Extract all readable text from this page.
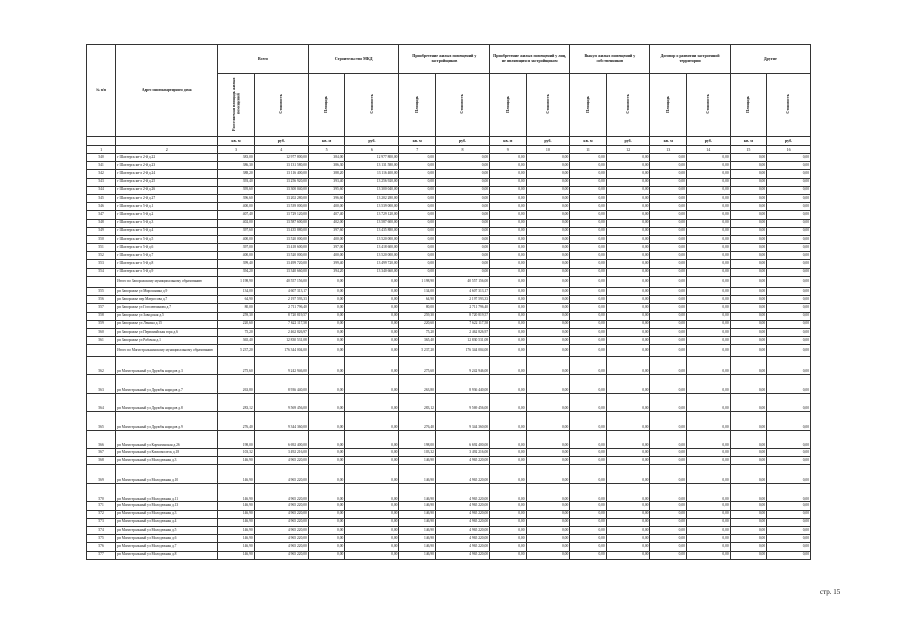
№ п/п	Адрес многоквартирного дома	Всего		Строительство МКД		Приобретение жилых помещений у застройщиков		Приобретение жилых помещений у лиц, не являющихся застройщиком		Выкуп жилых помещений у собственников		Договор о развитии застроенной территории		Другие	
		Расселяемая площадь жилых помещений	Стоимость	Площадь	Стоимость	Площадь	Стоимость	Площадь	Стоимость	Площадь	Стоимость	Площадь	Стоимость	Площадь	Стоимость
		кв. м	руб.	кв. м	руб.	кв. м	руб.	кв. м	руб.	кв. м	руб.	кв. м	руб.	кв. м	руб.
1	2	3	4	5	6	7	8	9	10	11	12	13	14	15	16
540	г Шахтерск кв-л 2-й д.22	383,00	12 977 800,00	384,00	12 977 800,00	0,00	0,00	0,00	0,00	0,00	0,00	0,00	0,00	0,00	0,00
541	г Шахтерск кв-л 2-й д.23	386,30	13 131 580,00	386,30	13 131 580,00	0,00	0,00	0,00	0,00	0,00	0,00	0,00	0,00	0,00	0,00
542	г Шахтерск кв-л 2-й д.24	388,20	13 116 400,00	388,20	13 116 400,00	0,00	0,00	0,00	0,00	0,00	0,00	0,00	0,00	0,00	0,00
543	г Шахтерск кв-л 2-й д.25	393,40	13 256 920,00	393,40	13 256 920,00	0,00	0,00	0,00	0,00	0,00	0,00	0,00	0,00	0,00	0,00
544	г Шахтерск кв-л 2-й д.26	395,60	13 300 040,00	395,60	13 300 040,00	0,00	0,00	0,00	0,00	0,00	0,00	0,00	0,00	0,00	0,00
545	г Шахтерск кв-л 2-й д.27	396,60	13 202 280,00	396,60	13 202 280,00	0,00	0,00	0,00	0,00	0,00	0,00	0,00	0,00	0,00	0,00
546	г Шахтерск кв-л 5-й д.1	400,00	13 539 000,00	400,00	13 539 000,00	0,00	0,00	0,00	0,00	0,00	0,00	0,00	0,00	0,00	0,00
547	г Шахтерск кв-л 5-й д.2	407,40	13 729 120,00	407,40	13 729 120,00	0,00	0,00	0,00	0,00	0,00	0,00	0,00	0,00	0,00	0,00
548	г Шахтерск кв-л 5-й д.3	402,00	13 587 600,00	402,00	13 587 600,00	0,00	0,00	0,00	0,00	0,00	0,00	0,00	0,00	0,00	0,00
549	г Шахтерск кв-л 5-й д.4	397,60	13 435 880,00	397,60	13 435 880,00	0,00	0,00	0,00	0,00	0,00	0,00	0,00	0,00	0,00	0,00
550	г Шахтерск кв-л 5-й д.5	400,00	13 520 000,00	400,00	13 520 000,00	0,00	0,00	0,00	0,00	0,00	0,00	0,00	0,00	0,00	0,00
551	г Шахтерск кв-л 5-й д.6	397,00	13 418 600,00	397,00	13 418 600,00	0,00	0,00	0,00	0,00	0,00	0,00	0,00	0,00	0,00	0,00
552	г Шахтерск кв-л 5-й д.7	400,00	13 520 000,00	400,00	13 520 000,00	0,00	0,00	0,00	0,00	0,00	0,00	0,00	0,00	0,00	0,00
553	г Шахтерск кв-л 5-й д.8	399,40	13 499 720,00	399,40	13 499 720,00	0,00	0,00	0,00	0,00	0,00	0,00	0,00	0,00	0,00	0,00
554	г Шахтерск кв-л 5-й д.9	394,20	13 340 660,00	394,20	13 340 660,00	0,00	0,00	0,00	0,00	0,00	0,00	0,00	0,00	0,00	0,00
	Итого по Запорожскому муниципальному образованию	1 198,90	40 557 156,00	0,00	0,00	1 198,90	40 557 156,00	0,00	0,00	0,00	0,00	0,00	0,00	0,00	0,00
555	рп Запорожье ул Мирошника д.9	134,00	4 607 313,17	0,00	0,00	134,00	4 607 313,17	0,00	0,00	0,00	0,00	0,00	0,00	0,00	0,00
556	рп Запорожье пер Матросова д.7	64,90	2 197 593,33	0,00	0,00	64,90	2 197 593,33	0,00	0,00	0,00	0,00	0,00	0,00	0,00	0,00
557	рп Запорожье ул Гоголевчинова д.7	80,00	2 711 796,40	0,00	0,00	80,00	2 711 796,40	0,00	0,00	0,00	0,00	0,00	0,00	0,00	0,00
558	рп Запорожье ул Заводская д.5	259,30	8 720 819,57	0,00	0,00	259,30	8 720 819,57	0,00	0,00	0,00	0,00	0,00	0,00	0,00	0,00
559	рп Запорожье ул Ленина д.15	220,60	7 622 117,58	0,00	0,00	220,60	7 622 117,58	0,00	0,00	0,00	0,00	0,00	0,00	0,00	0,00
560	рп Запорожье ул Первомайская гора д.6	75,20	2 462 826,97	0,00	0,00	75,20	2 462 826,97	0,00	0,00	0,00	0,00	0,00	0,00	0,00	0,00
561	рп Запорожье ул Рабочая д.1	365,40	12 830 531,08	0,00	0,00	365,40	12 830 531,08	0,00	0,00	0,00	0,00	0,00	0,00	0,00	0,00
	Итого по Магистральнинскому муниципальному образованию	5 237,20	176 344 004,00	0,00	0,00	5 237,20	176 344 004,00	0,00	0,00	0,00	0,00	0,00	0,00	0,00	0,00
562	рп Магистральный ул Дружбы народов д.3	275,60	9 242 946,00	0,00	0,00	275,60	9 242 946,00	0,00	0,00	0,00	0,00	0,00	0,00	0,00	0,00
563	рп Магистральный ул Дружбы народов д.7	263,80	8 936 440,00	0,00	0,00	263,80	8 936 440,00	0,00	0,00	0,00	0,00	0,00	0,00	0,00	0,00
564	рп Магистральный ул Дружбы народов д.8	283,12	9 569 456,00	0,00	0,00	283,12	9 569 456,00	0,00	0,00	0,00	0,00	0,00	0,00	0,00	0,00
565	рп Магистральный ул Дружбы народов д.9	276,40	9 344 360,00	0,00	0,00	276,40	9 344 360,00	0,00	0,00	0,00	0,00	0,00	0,00	0,00	0,00
566	рп Магистральный ул Корчагинская д.26	198,00	6 692 400,00	0,00	0,00	198,00	6 692 400,00	0,00	0,00	0,00	0,00	0,00	0,00	0,00	0,00
567	рп Магистральный ул Комсомолеск д.18	103,32	3 492 216,00	0,00	0,00	103,32	3 492 216,00	0,00	0,00	0,00	0,00	0,00	0,00	0,00	0,00
568	рп Магистральный ул Молодежная д.3	146,90	4 965 220,00	0,00	0,00	146,90	4 965 220,00	0,00	0,00	0,00	0,00	0,00	0,00	0,00	0,00
569	рп Магистральный ул Молодежная д.10	146,90	4 965 220,00	0,00	0,00	146,90	4 965 220,00	0,00	0,00	0,00	0,00	0,00	0,00	0,00	0,00
570	рп Магистральный ул Молодежная д.11	146,90	4 965 220,00	0,00	0,00	146,90	4 965 220,00	0,00	0,00	0,00	0,00	0,00	0,00	0,00	0,00
571	рп Магистральный ул Молодежная д.13	146,90	4 965 220,00	0,00	0,00	146,90	4 965 220,00	0,00	0,00	0,00	0,00	0,00	0,00	0,00	0,00
572	рп Магистральный ул Молодежная д.3	146,90	4 965 220,00	0,00	0,00	146,90	4 965 220,00	0,00	0,00	0,00	0,00	0,00	0,00	0,00	0,00
573	рп Магистральный ул Молодежная д.4	146,90	4 965 220,00	0,00	0,00	146,90	4 965 220,00	0,00	0,00	0,00	0,00	0,00	0,00	0,00	0,00
574	рп Магистральный ул Молодежная д.5	146,90	4 965 220,00	0,00	0,00	146,90	4 965 220,00	0,00	0,00	0,00	0,00	0,00	0,00	0,00	0,00
575	рп Магистральный ул Молодежная д.6	146,90	4 965 220,00	0,00	0,00	146,90	4 965 220,00	0,00	0,00	0,00	0,00	0,00	0,00	0,00	0,00
576	рп Магистральный ул Молодежная д.7	146,90	4 965 220,00	0,00	0,00	146,90	4 965 220,00	0,00	0,00	0,00	0,00	0,00	0,00	0,00	0,00
577	рп Магистральный ул Молодежная д.8	146,90	4 965 220,00	0,00	0,00	146,90	4 965 220,00	0,00	0,00	0,00	0,00	0,00	0,00	0,00	0,00
стр. 15
